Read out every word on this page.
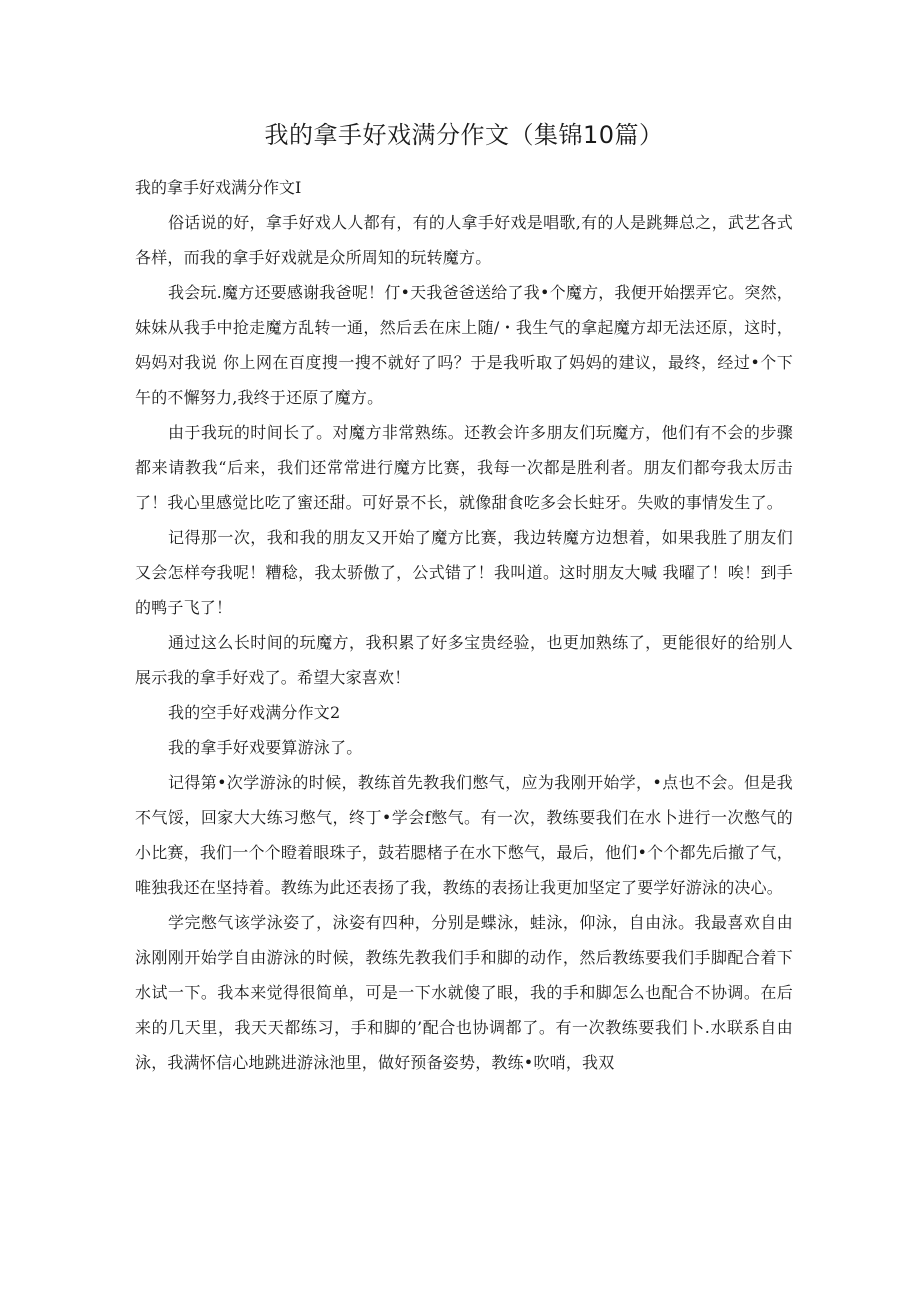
我的拿手好戏满分作文（集锦10篇）

我的拿手好戏满分作文I

俗话说的好，拿手好戏人人都有，有的人拿手好戏是唱歌,有的人是跳舞总之，武艺各式各样，而我的拿手好戏就是众所周知的玩转魔方。

我会玩.魔方还要感谢我爸呢！仃•天我爸爸送给了我•个魔方，我便开始摆弄它。突然，妹妹从我手中抢走魔方乱转一通，然后丢在床上随/・我生气的拿起魔方却无法还原，这时，妈妈对我说 你上网在百度搜一搜不就好了吗？于是我听取了妈妈的建议，最终，经过•个下午的不懈努力,我终于还原了魔方。

由于我玩的时间长了。对魔方非常熟练。还教会许多朋友们玩魔方，他们有不会的步骤都来请教我“后来，我们还常常进行魔方比赛，我每一次都是胜利者。朋友们都夸我太厉击了！我心里感觉比吃了蜜还甜。可好景不长，就像甜食吃多会长蛀牙。失败的事情发生了。

记得那一次，我和我的朋友又开始了魔方比赛，我边转魔方边想着，如果我胜了朋友们又会怎样夸我呢！糟稔，我太骄傲了，公式错了！我叫道。这时朋友大喊 我曜了！唉！到手的鸭子飞了！

通过这么长时间的玩魔方，我积累了好多宝贵经验，也更加熟练了，更能很好的给别人展示我的拿手好戏了。希望大家喜欢！

我的空手好戏满分作文2

我的拿手好戏要算游泳了。

记得第•次学游泳的时候，教练首先教我们憋气，应为我刚开始学，•点也不会。但是我不气馁，回家大大练习憋气，终丁•学会f憋气。有一次，教练要我们在水卜进行一次憋气的小比赛，我们一个个瞪着眼珠子，鼓若腮楮子在水下憋气，最后，他们•个个都先后撤了气，唯独我还在坚持着。教练为此还表扬了我，教练的表扬让我更加坚定了要学好游泳的决心。

学完憋气该学泳姿了，泳姿有四种，分别是蝶泳，蛙泳，仰泳，自由泳。我最喜欢自由泳刚刚开始学自由游泳的时候，教练先教我们手和脚的动作，然后教练要我们手脚配合着下水试一下。我本来觉得很简单，可是一下水就傻了眼，我的手和脚怎么也配合不协调。在后来的几天里，我天天都练习，手和脚的’配合也协调都了。有一次教练要我们卜.水联系自由泳，我满怀信心地跳进游泳池里，做好预备姿势，教练•吹哨，我双
